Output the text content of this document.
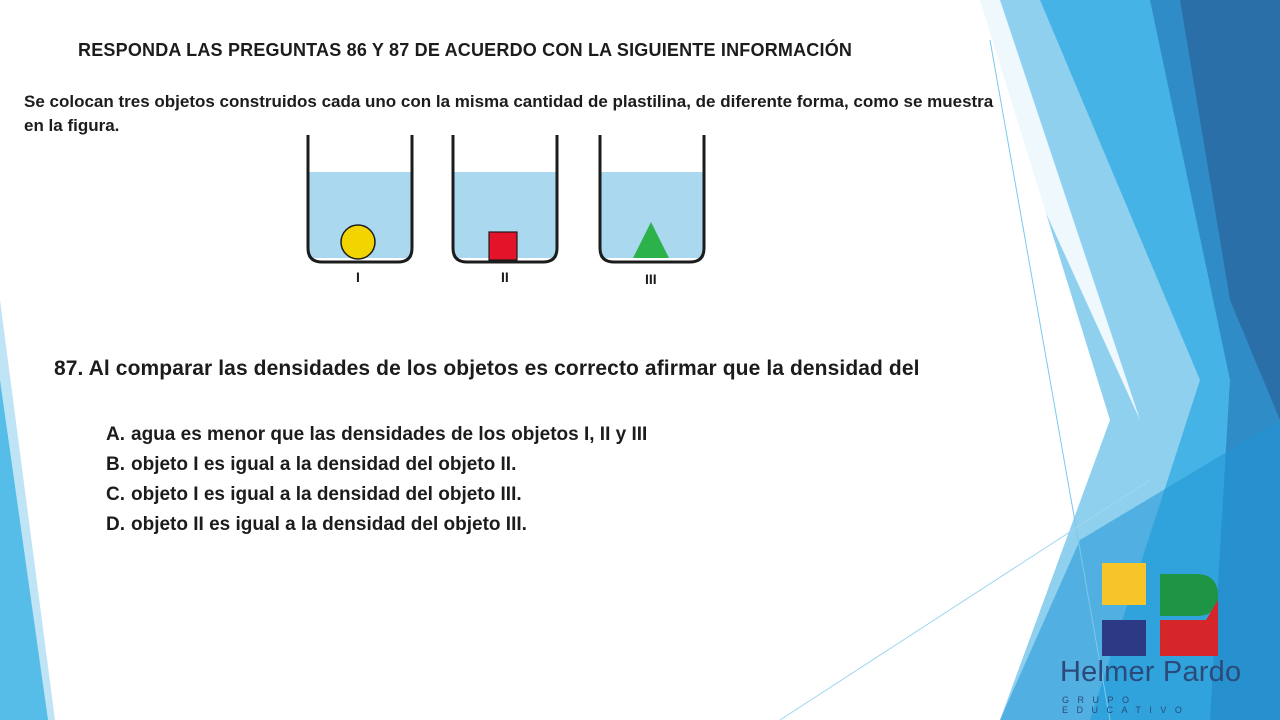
RESPONDA LAS PREGUNTAS 86 Y 87 DE ACUERDO CON LA SIGUIENTE INFORMACIÓN
Se colocan tres objetos construidos cada uno con la misma cantidad de plastilina, de diferente forma, como se muestra en la figura.
I	II	III
87. Al comparar las densidades de los objetos es correcto afirmar que la densidad del
A. agua es menor que las densidades de los objetos I, II y III
B. objeto I es igual a la densidad del objeto II.
C. objeto I es igual a la densidad del objeto III.
D. objeto II es igual a la densidad del objeto III.
Helmer Pardo
GRUPO EDUCATIVO
